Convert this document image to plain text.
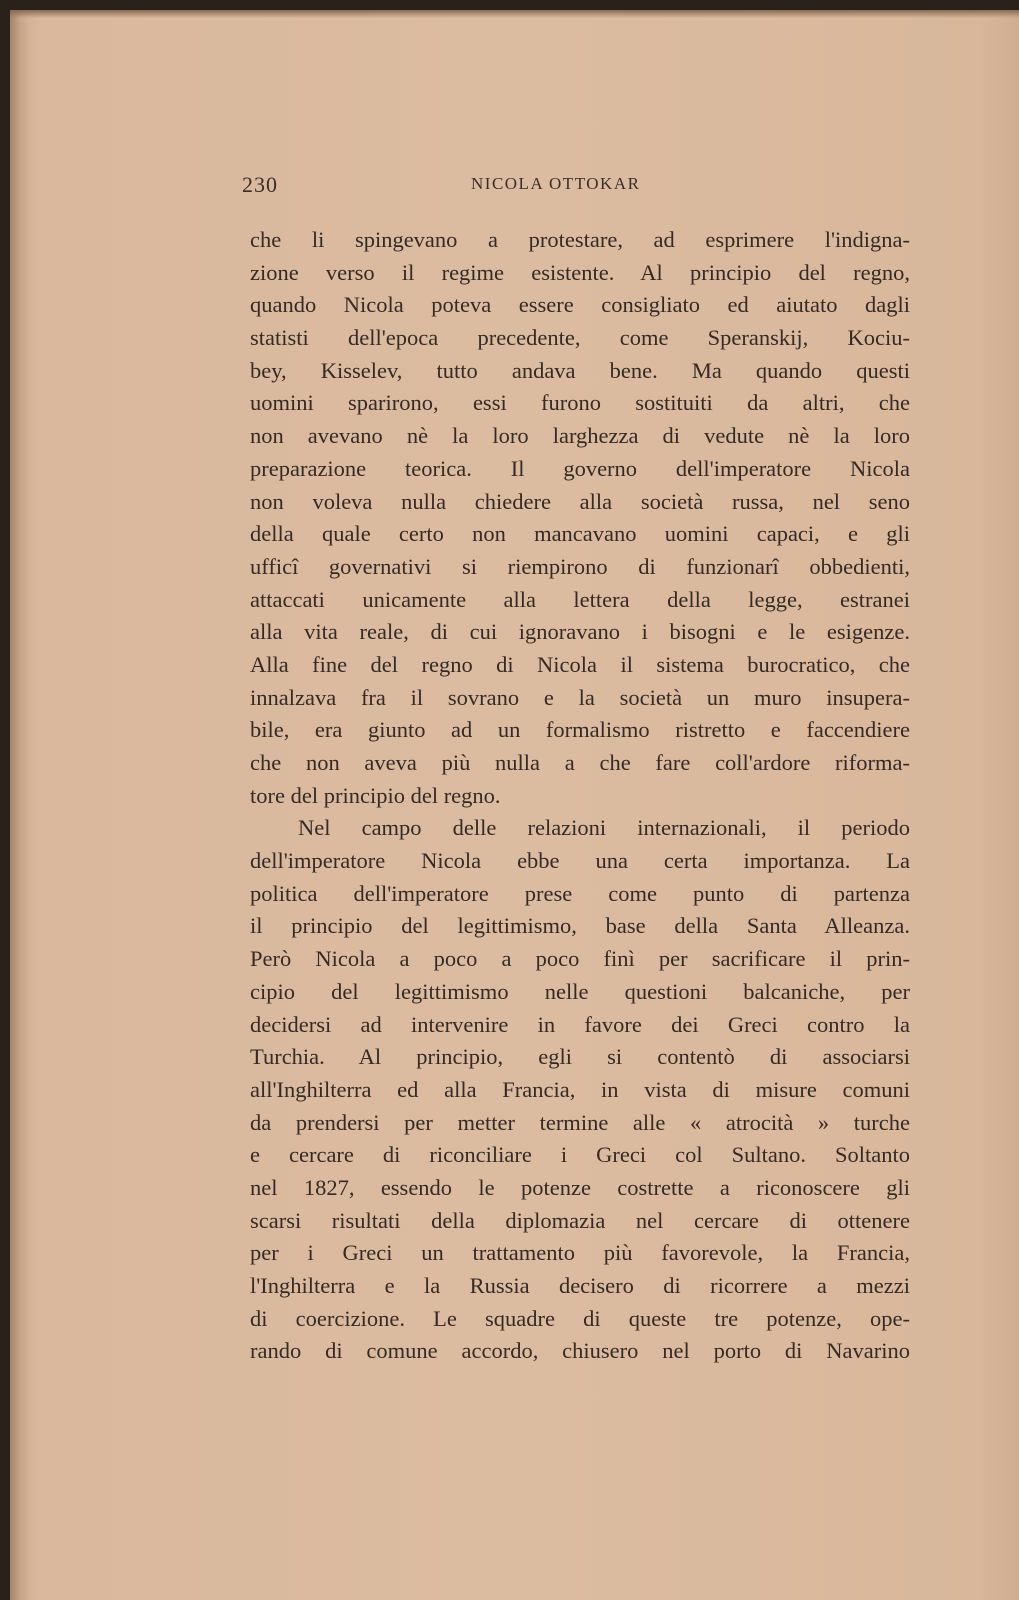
230	NICOLA OTTOKAR
che li spingevano a protestare, ad esprimere l'indigna-
zione verso il regime esistente. Al principio del regno,
quando Nicola poteva essere consigliato ed aiutato dagli
statisti dell'epoca precedente, come Speranskij, Kociu-
bey, Kisselev, tutto andava bene. Ma quando questi
uomini sparirono, essi furono sostituiti da altri, che
non avevano nè la loro larghezza di vedute nè la loro
preparazione teorica. Il governo dell'imperatore Nicola
non voleva nulla chiedere alla società russa, nel seno
della quale certo non mancavano uomini capaci, e gli
ufficî governativi si riempirono di funzionarî obbedienti,
attaccati unicamente alla lettera della legge, estranei
alla vita reale, di cui ignoravano i bisogni e le esigenze.
Alla fine del regno di Nicola il sistema burocratico, che
innalzava fra il sovrano e la società un muro insupera-
bile, era giunto ad un formalismo ristretto e faccendiere
che non aveva più nulla a che fare coll'ardore riforma-
tore del principio del regno.
Nel campo delle relazioni internazionali, il periodo
dell'imperatore Nicola ebbe una certa importanza. La
politica dell'imperatore prese come punto di partenza
il principio del legittimismo, base della Santa Alleanza.
Però Nicola a poco a poco finì per sacrificare il prin-
cipio del legittimismo nelle questioni balcaniche, per
decidersi ad intervenire in favore dei Greci contro la
Turchia. Al principio, egli si contentò di associarsi
all'Inghilterra ed alla Francia, in vista di misure comuni
da prendersi per metter termine alle « atrocità » turche
e cercare di riconciliare i Greci col Sultano. Soltanto
nel 1827, essendo le potenze costrette a riconoscere gli
scarsi risultati della diplomazia nel cercare di ottenere
per i Greci un trattamento più favorevole, la Francia,
l'Inghilterra e la Russia decisero di ricorrere a mezzi
di coercizione. Le squadre di queste tre potenze, ope-
rando di comune accordo, chiusero nel porto di Navarino
